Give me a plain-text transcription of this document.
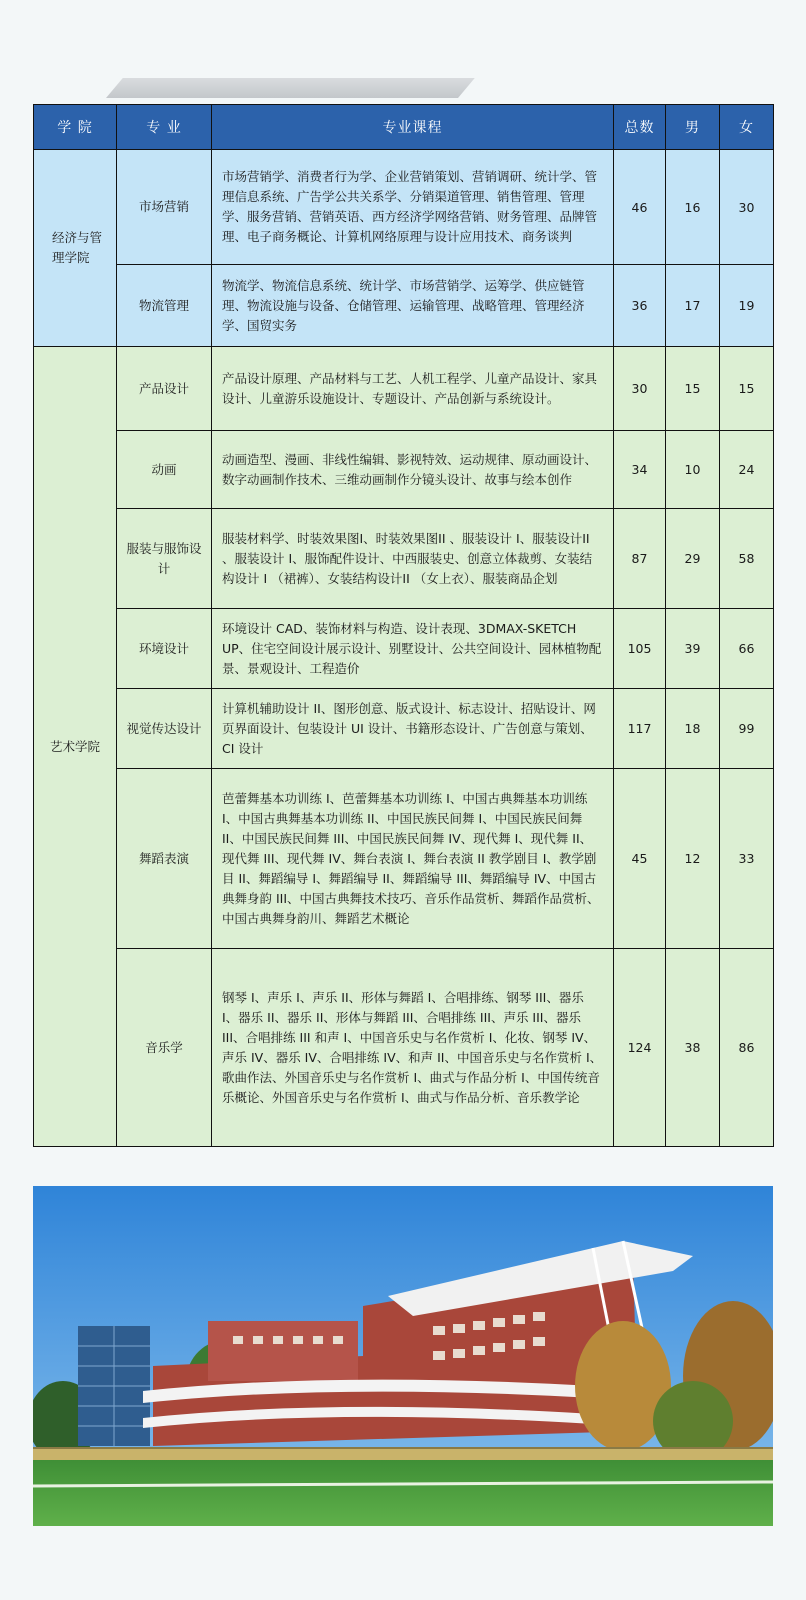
学 院	专 业	专业课程	总数	男	女
经济与管理学院	市场营销	市场营销学、消费者行为学、企业营销策划、营销调研、统计学、管理信息系统、广告学公共关系学、分销渠道管理、销售管理、管理学、服务营销、营销英语、西方经济学网络营销、财务管理、品牌管理、电子商务概论、计算机网络原理与设计应用技术、商务谈判	46	16	30
	物流管理	物流学、物流信息系统、统计学、市场营销学、运筹学、供应链管理、物流设施与设备、仓储管理、运输管理、战略管理、管理经济学、国贸实务	36	17	19
艺术学院	产品设计	产品设计原理、产品材料与工艺、人机工程学、儿童产品设计、家具设计、儿童游乐设施设计、专题设计、产品创新与系统设计。	30	15	15
	动画	动画造型、漫画、非线性编辑、影视特效、运动规律、原动画设计、数字动画制作技术、三维动画制作分镜头设计、故事与绘本创作	34	10	24
	服装与服饰设计	服装材料学、时装效果图I、时装效果图II 、服装设计 I、服装设计II 、服装设计 I、服饰配件设计、中西服装史、创意立体裁剪、女装结构设计 I （裙裤）、女装结构设计II （女上衣）、服装商品企划	87	29	58
	环境设计	环境设计 CAD、装饰材料与构造、设计表现、3DMAX-SKETCH UP、住宅空间设计展示设计、别墅设计、公共空间设计、园林植物配景、景观设计、工程造价	105	39	66
	视觉传达设计	计算机辅助设计 II、图形创意、版式设计、标志设计、招贴设计、网页界面设计、包装设计 UI 设计、书籍形态设计、广告创意与策划、CI 设计	117	18	99
	舞蹈表演	芭蕾舞基本功训练 I、芭蕾舞基本功训练 I、中国古典舞基本功训练 I、中国古典舞基本功训练 II、中国民族民间舞 I、中国民族民间舞 II、中国民族民间舞 III、中国民族民间舞 IV、现代舞 I、现代舞 II、现代舞 III、现代舞 IV、舞台表演 I、舞台表演 II 教学剧目 I、教学剧目 II、舞蹈编导 I、舞蹈编导 II、舞蹈编导 III、舞蹈编导 IV、中国古典舞身韵 III、中国古典舞技术技巧、音乐作品赏析、舞蹈作品赏析、中国古典舞身韵川、舞蹈艺术概论	45	12	33
	音乐学	钢琴 I、声乐 I、声乐 II、形体与舞蹈 I、合唱排练、钢琴 III、器乐 I、器乐 II、器乐 II、形体与舞蹈 III、合唱排练 III、声乐 III、器乐 III、合唱排练 III 和声 I、中国音乐史与名作赏析 I、化妆、钢琴 IV、声乐 IV、器乐 IV、合唱排练 IV、和声 II、中国音乐史与名作赏析 I、歌曲作法、外国音乐史与名作赏析 I、曲式与作品分析 I、中国传统音乐概论、外国音乐史与名作赏析 I、曲式与作品分析、音乐教学论	124	38	86
